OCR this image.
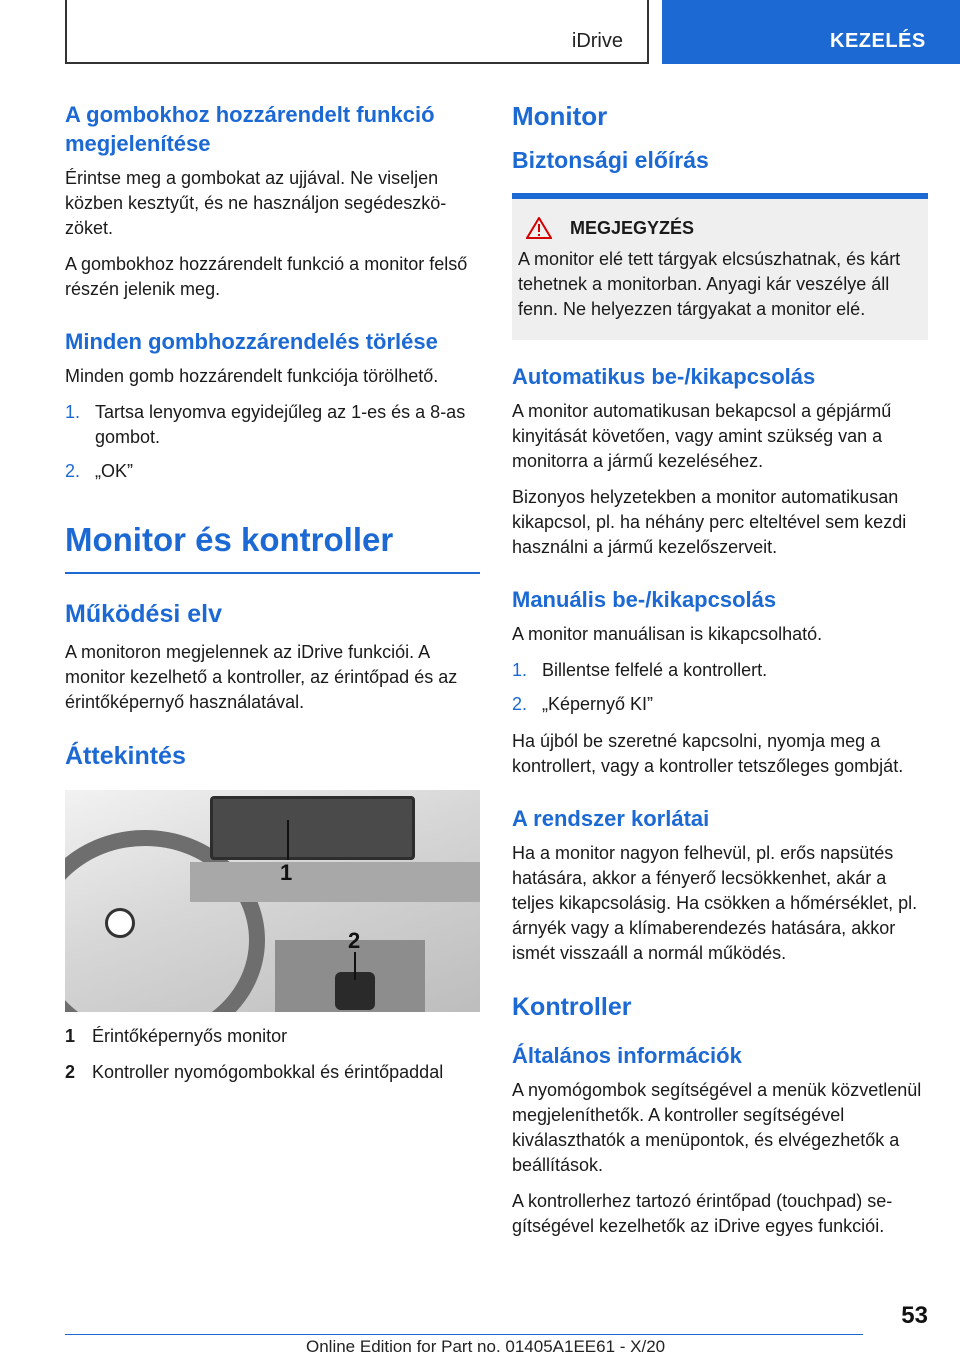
iDrive	KEZELÉS
A gombokhoz hozzárendelt funkció megjelenítése

Érintse meg a gombokat az ujjával. Ne viseljen közben kesztyűt, és ne használjon segédeszközöket.

A gombokhoz hozzárendelt funkció a monitor felső részén jelenik meg.

Minden gombhozzárendelés törlése

Minden gomb hozzárendelt funkciója törölhető.

1. Tartsa lenyomva egyidejűleg az 1-es és a 8-as gombot.
2. „OK”
Monitor és kontroller
Működési elv

A monitoron megjelennek az iDrive funkciói. A monitor kezelhető a kontroller, az érintőpad és az érintőképernyő használatával.

Áttekintés
1
2
1 Érintőképernyős monitor
2 Kontroller nyomógombokkal és érintőpaddal
Monitor
Biztonsági előírás
MEGJEGYZÉS

A monitor elé tett tárgyak elcsúszhatnak, és kárt tehetnek a monitorban. Anyagi kár veszélye áll fenn. Ne helyezzen tárgyakat a monitor elé.

Automatikus be-/kikapcsolás

A monitor automatikusan bekapcsol a gépjármű kinyitását követően, vagy amint szükség van a monitorra a jármű kezeléséhez.

Bizonyos helyzetekben a monitor automatikusan kikapcsol, pl. ha néhány perc elteltével sem kezdi használni a jármű kezelőszerveit.

Manuális be-/kikapcsolás

A monitor manuálisan is kikapcsolható.

1. Billentse felfelé a kontrollert.
2. „Képernyő KI”

Ha újból be szeretné kapcsolni, nyomja meg a kontrollert, vagy a kontroller tetszőleges gombját.

A rendszer korlátai

Ha a monitor nagyon felhevül, pl. erős napsütés hatására, akkor a fényerő lecsökkenhet, akár a teljes kikapcsolásig. Ha csökken a hőmérséklet, pl. árnyék vagy a klímaberendezés hatására, akkor ismét visszaáll a normál működés.

Kontroller
Általános információk

A nyomógombok segítségével a menük közvetlenül megjeleníthetők. A kontroller segítségével kiválaszthatók a menüpontok, és elvégezhetők a beállítások.

A kontrollerhez tartozó érintőpad (touchpad) segítségével kezelhetők az iDrive egyes funkciói.

53
Online Edition for Part no. 01405A1EE61 - X/20
